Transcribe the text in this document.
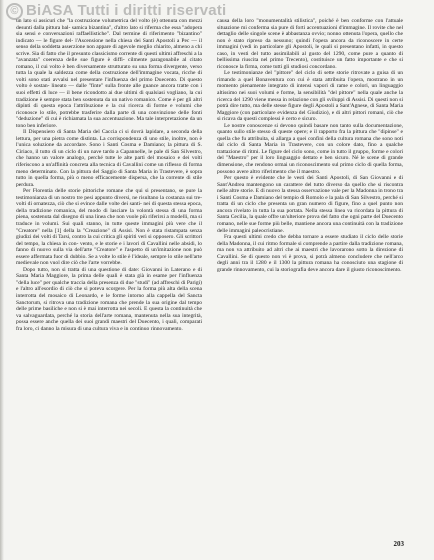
© BiASA Tutti i diritti riservati

un lato si assicuri che "la costruzione volumetrica del volto (è) ottenuta con mezzi desunti dalla pittura bal- samica bizantina", d'altro lato si riferma che essa "adopera sia sensi e conversazioni raffaellistiche". Dal termine di riferimento "bizantino" indicato — le figure del- l'Ascensione nella chiesa dei Santi Apostoli a Pec — il senso della soddetta asserzione non appare di agevole meglio chiarito, almeno a chi scrive. Sia di fatto che il presunto classicismo corrente di questi ultimi affreschi a la "avanzata" coerenza delle sue figure è diffi- cilmente paragonabile al citato romano, il cui volto è ben diversamente strutturato su una forma divergente, verso tutta la quale la saldezza come della costruzione dell'immagine vocata, ricche di volti sono stati avvalsi nel presentare l'influenza del primo Duecento. Di questo volto è sostan- lineato — dalle "finte" sulla fronte alle guance ancora tratte con i suoi effetti di luce — il bene ricondotto ai due ultimi di qualsiasi vogliano, la cui tradizione è sempre stata ben sostenuta da un nativo romanico. Come è per gli altri dipinti di questa epoca l'attribuzione e la cui ricerca di forme e volumi che riconosce lo stile, potrebbe trasferire dalla parte di una convinzione delle fonti "deduzione" di cui è richiamata la sua accentuazione. Ma tale interpretazione da un tono ben inferiore.

Il Dispensiero di Santa Maria del Caccia ci si dovrà lapidare, a seconda della lettura, per una pietra come distinta. La corrispondenza di uno stile, inoltre, non è l'unica soluzione da accordare. Sono i Santi Cosma e Damiano; la pittura di S. Ciriaco, il tutto di un ciclo di un nave tardo a Capannelle, le pale di San Silvestro, che hanno un valore analogo, perché tutte le alte parti del mosaico e dei volti riferiscono a un'affinità concreta alla tecnica di Cavallini come un riflesso di forma meno determinato. Con la pittura del Saggio di Santa Maria in Trastevere, è sopra tutto in quella forma, più o meno efficacemente dispersa, che la corrente di stile perdura.

Per Florentia delle storie pittoriche romane che qui si presentano, se pure la testimonianza di un nostro tre pesi appunto diversi, ne risultano la costanza sui tre- volti di ornatezza, ciò che si evince dalle volte dei santi- nei di questa stessa epoca, della tradizione romanica, del modo di lasciare la volontà stessa di una forma piena, sostenuta dal disegno di una linea che non vuole più riferirsi a modelli, ma si traduce in volumi. Sui quali stanno, in tutte queste immagini più vere che il "Creatore" nella [1] della la "Creazione" di Assisi. Non è stata ristampata senza giudizi dei volti di Tarsi, contro la cui critica gli spiriti veri si opposero. Gli scrittori del tempo, la chiesa in con- vento, e le storie e i lavori di Cavallini nelle absidi, lo fanno di nuovo sulla via dell'arte "Creatore" e l'aspetto di un'imitazione non può essere affermata fuor di dubbio. Se a volte lo stile è l'ideale, sempre lo stile nell'arte medievale non vuol dire ciò che l'arte vorrebbe.

Dopo tutto, non si tratta di una questione di date: Giovanni in Laterano e di Santa Maria Maggiore, la prima delle quali è stata già in esame per l'influenza "della luce" per qualche traccia della presenza di due "studi" (ad affreschi di Parigi) e l'altro all'esordio di ciò che si poteva scorgere. Per la forma più alta della scena interrotta del mosaico di Leonardo, e le forme intorno alla cappella del Sancta Sanctorum, si ritrova una tradizione romana che prende la sua origine dal tempo delle prime basiliche e non si è mai interrotta nei secoli. E questa la continuità che va salvaguardata, perché la storia dell'arte romana, mantenuta nella sua integrità, possa essere anche quella dei suoi grandi maestri del Duecento, i quali, comparati fra loro, ci danno la misura di una cultura viva e in continuo rinnovamento.

causa della loro "monumentalità stilistica", poiché è ben conforme con l'attuale situazione mi conferma sia pure di forti accentuazioni d'immagine. Il rovite che nel dettaglio delle singole scene è abbastanza ovvio; nonno ottenuta l'opera, quello che non è stato ripreso da nessuno; quindi l'opera ancora da riconoscere in certe immagini (vedi in particolare gli Apostoli, le quali si presentano infatti, in questo caso, in vesti del tutto assimilabili al gusto del 1290, come pure a quanto di bellissima riuscita nel primo Trecento), costituisce un fatto importante e che si riconosce la firma, come tutti gli studiosi concordano.

Le testimonianze del "pittore" del ciclo di sette storie ritrovate a guisa di un rimando a quel Bonaventura con cui è stata attribuita l'opera, mostrano in un momento pienamente integrato di intensi vapori di rame e colori, un linguaggio altissimo nei suoi volumi e forme, la sensibilità "del pittore" nella quale anche la ricerca del 1290 viene messa in relazione con gli sviluppi di Assisi. Di questi non si potrà dire tutto, ma delle stesse figure degli Apostoli a Sant'Agnese, di Santa Maria Maggiore (con particolare evidenza del Giudizio), e di altri pittori romani, ciò che si ricava da questi complessi è certo e sicuro.

Le nostre conoscenze si devono quindi basare non tanto sulla documentazione, quanto sullo stile stesso di queste opere; e il rapporto fra la pittura che "dipinse" e quella che fu attribuita, si allarga a quei confini della cultura romana che sono noti dal ciclo di Santa Maria in Trastevere, con un colore dato, fino a qualche trattazione di ritmi. Le figure del ciclo sono, come in tutto il gruppo, forme e colori del "Maestro" per il loro linguaggio dettato e ben sicuro. Né le scene di grande dimensione, che rendono ormai un riconoscimento sul primo ciclo di quella forma, possono avere altro riferimento che il maestro.

Per questo è evidente che le vesti dei Santi Apostoli, di San Giovanni e di Sant'Andrea mantengono un carattere del tutto diverso da quello che si riscontra nelle altre storie. E di nuovo la stessa osservazione vale per la Madonna in trono tra i Santi Cosma e Damiano del tempio di Romolo e la pala di San Silvestro, perché si tratta di un ciclo che presenta un gran numero di figure, fino a quel punto non ancora rivelato in tutta la sua portata. Nella stessa linea va ricordata la pittura di Santa Cecilia, la quale offre un'ulteriore prova del fatto che ogni parte del Duecento romano, nelle sue forme più belle, mantiene ancora una continuità con la tradizione delle immagini paleocristiane.

Fra questi ultimi credo che debba tornare a essere studiato il ciclo delle storie della Madonna, il cui ritmo formale si comprende a partire dalla tradizione romana, ma non va attribuito ad altri che ai maestri che lavorarono sotto la direzione di Cavallini. Se di questo non vi è prova, si potrà almeno concludere che nell'arco degli anni tra il 1280 e il 1300 la pittura romana ha conosciuto una stagione di grande rinnovamento, cui la storiografia deve ancora dare il giusto riconoscimento.

203
